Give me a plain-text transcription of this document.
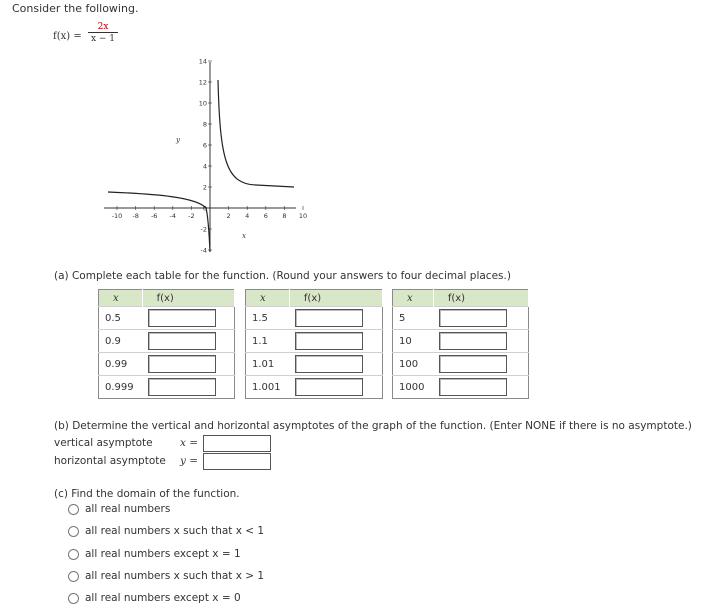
Consider the following.
$f(x) = \frac{2x}{x - 1}$
14
12
10
8
6
4
2
0
-2
-4
-10 -8 -6 -4 -2	2 4 6 8 10
y
x
(a) Complete each table for the function. (Round your answers to four decimal places.)
x	f(x)
0.5	

0.9	

0.99	

0.999	
x	f(x)
1.5	

1.1	

1.01	

1.001	
x	f(x)
5	

10	

100	

1000	
(b) Determine the vertical and horizontal asymptotes of the graph of the function. (Enter NONE if there is no asymptote.)
vertical asymptote	x =
horizontal asymptote y =
(c) Find the domain of the function.
all real numbers
all real numbers x such that x < 1
all real numbers except x = 1
all real numbers x such that x > 1
all real numbers except x = 0
